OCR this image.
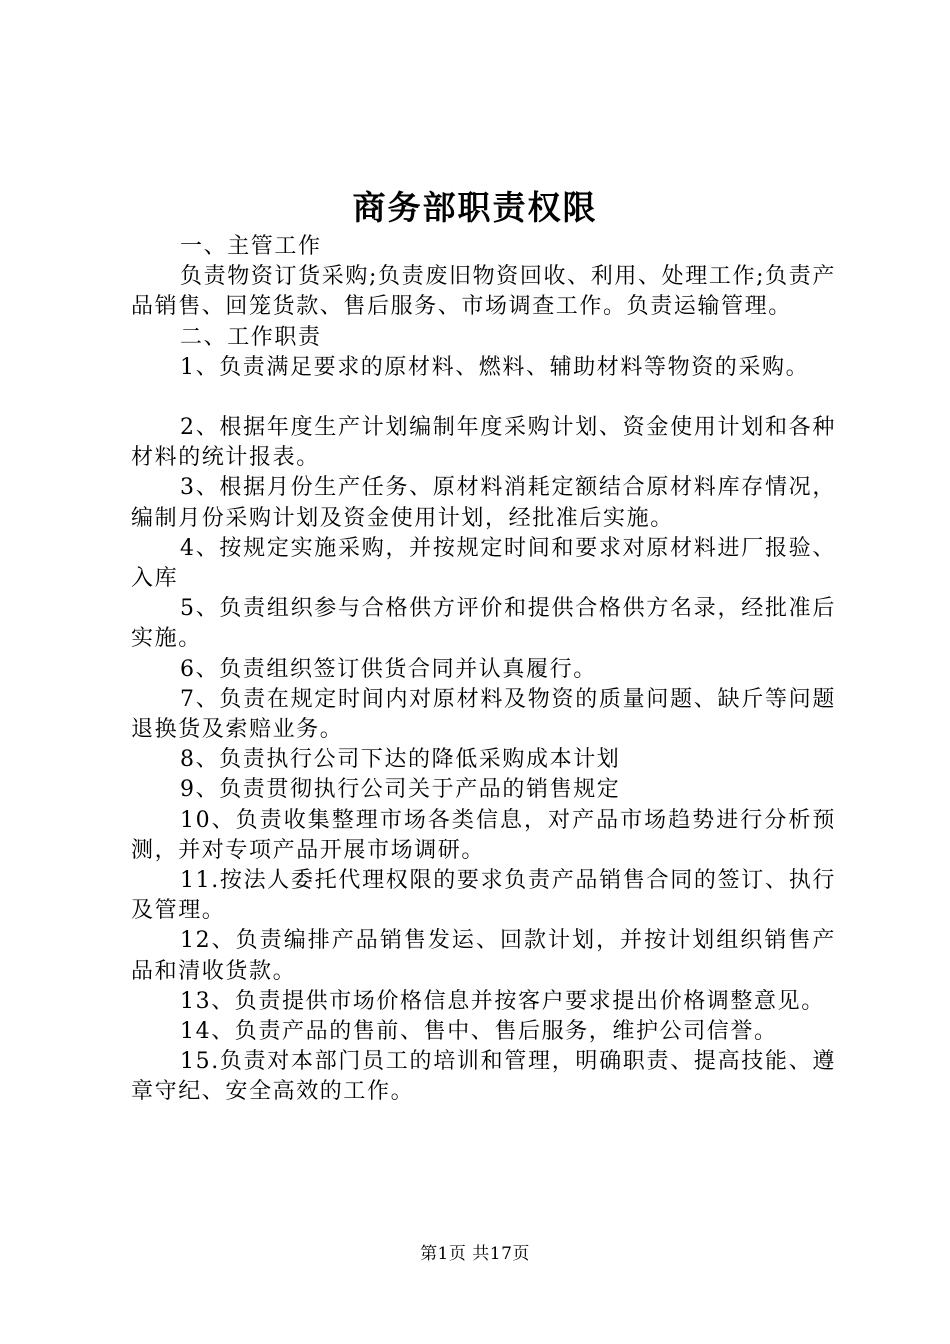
商务部职责权限

一、主管工作

负责物资订货采购;负责废旧物资回收、利用、处理工作;负责产品销售、回笼货款、售后服务、市场调查工作。负责运输管理。

二、工作职责

1、负责满足要求的原材料、燃料、辅助材料等物资的采购。

2、根据年度生产计划编制年度采购计划、资金使用计划和各种材料的统计报表。

3、根据月份生产任务、原材料消耗定额结合原材料库存情况，编制月份采购计划及资金使用计划，经批准后实施。

4、按规定实施采购，并按规定时间和要求对原材料进厂报验、入库

5、负责组织参与合格供方评价和提供合格供方名录，经批准后实施。

6、负责组织签订供货合同并认真履行。

7、负责在规定时间内对原材料及物资的质量问题、缺斤等问题退换货及索赔业务。

8、负责执行公司下达的降低采购成本计划

9、负责贯彻执行公司关于产品的销售规定

10、负责收集整理市场各类信息，对产品市场趋势进行分析预测，并对专项产品开展市场调研。

11.按法人委托代理权限的要求负责产品销售合同的签订、执行及管理。

12、负责编排产品销售发运、回款计划，并按计划组织销售产品和清收货款。

13、负责提供市场价格信息并按客户要求提出价格调整意见。

14、负责产品的售前、售中、售后服务，维护公司信誉。

15.负责对本部门员工的培训和管理，明确职责、提高技能、遵章守纪、安全高效的工作。

第1页 共17页
